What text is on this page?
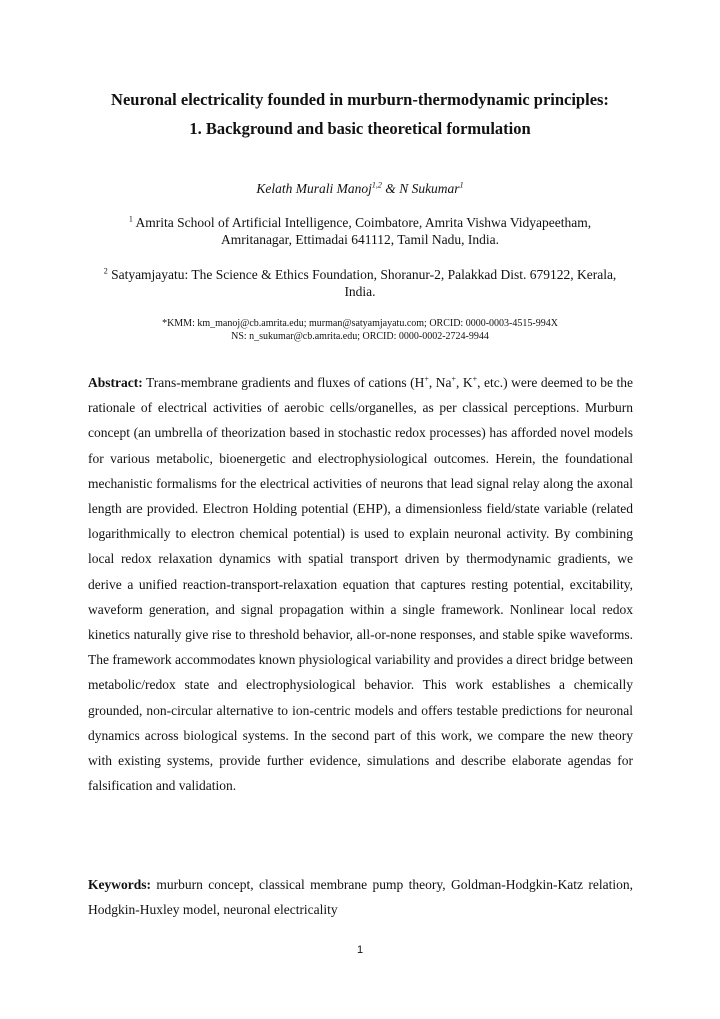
Neuronal electricality founded in murburn-thermodynamic principles:
1. Background and basic theoretical formulation
Kelath Murali Manoj$^{1,2}$ & N Sukumar$^1$
$^1$ Amrita School of Artificial Intelligence, Coimbatore, Amrita Vishwa Vidyapeetham, Amritanagar, Ettimadai 641112, Tamil Nadu, India.
$^2$ Satyamjayatu: The Science & Ethics Foundation, Shoranur-2, Palakkad Dist. 679122, Kerala, India.
*KMM: km_manoj@cb.amrita.edu; murman@satyamjayatu.com; ORCID: 0000-0003-4515-994X
NS: n_sukumar@cb.amrita.edu; ORCID: 0000-0002-2724-9944

Abstract: Trans-membrane gradients and fluxes of cations (H+, Na+, K+, etc.) were deemed to be the rationale of electrical activities of aerobic cells/organelles, as per classical perceptions. Murburn concept (an umbrella of theorization based in stochastic redox processes) has afforded novel models for various metabolic, bioenergetic and electrophysiological outcomes. Herein, the foundational mechanistic formalisms for the electrical activities of neurons that lead signal relay along the axonal length are provided. Electron Holding potential (EHP), a dimensionless field/state variable (related logarithmically to electron chemical potential) is used to explain neuronal activity. By combining local redox relaxation dynamics with spatial transport driven by thermodynamic gradients, we derive a unified reaction-transport-relaxation equation that captures resting potential, excitability, waveform generation, and signal propagation within a single framework. Nonlinear local redox kinetics naturally give rise to threshold behavior, all-or-none responses, and stable spike waveforms. The framework accommodates known physiological variability and provides a direct bridge between metabolic/redox state and electrophysiological behavior. This work establishes a chemically grounded, non-circular alternative to ion-centric models and offers testable predictions for neuronal dynamics across biological systems. In the second part of this work, we compare the new theory with existing systems, provide further evidence, simulations and describe elaborate agendas for falsification and validation.

Keywords: murburn concept, classical membrane pump theory, Goldman-Hodgkin-Katz relation, Hodgkin-Huxley model, neuronal electricality

1
